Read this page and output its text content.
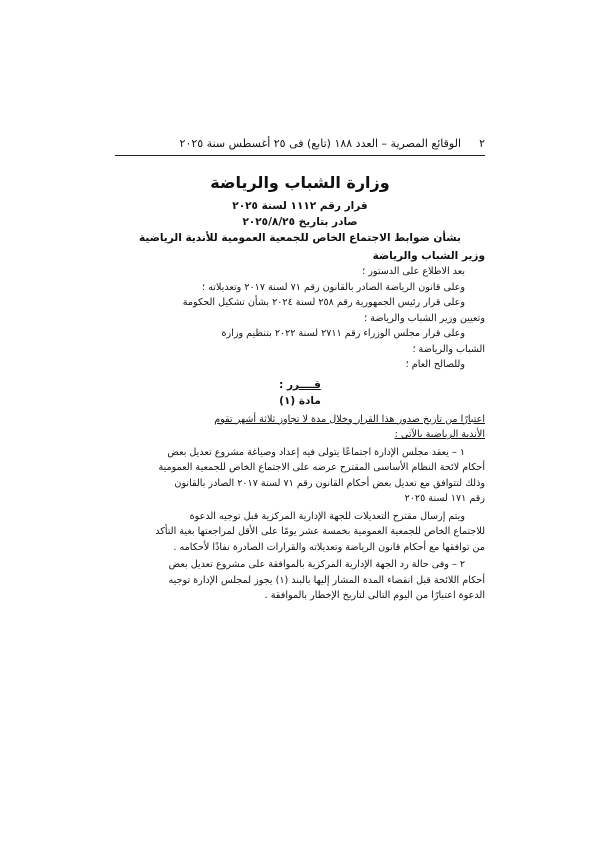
٢
الوقائع المصرية – العدد ١٨٨ (تابع) فى ٢٥ أغسطس سنة ٢٠٢٥
وزارة الشباب والرياضة
قرار رقم ١١١٢ لسنة ٢٠٢٥
صادر بتاريخ ٢٠٢٥/٨/٢٥
بشأن ضوابط الاجتماع الخاص للجمعية العمومية للأندية الرياضية
وزير الشباب والرياضة

بعد الاطلاع على الدستور ؛

وعلى قانون الرياضة الصادر بالقانون رقم ٧١ لسنة ٢٠١٧ وتعديلاته ؛

وعلى قرار رئيس الجمهورية رقم ٢٥٨ لسنة ٢٠٢٤ بشأن تشكيل الحكومة

وتعيين وزير الشباب والرياضة ؛

وعلى قرار مجلس الوزراء رقم ٢٧١١ لسنة ٢٠٢٢ بتنظيم وزارة

الشباب والرياضة ؛

وللصالح العام ؛

قــــرر :
مادة (١)

اعتبارًا من تاريخ صدور هذا القرار وخلال مدة لا تجاوز ثلاثة أشهر تقوم

الأندية الرياضية بالآتى :

١ – يعقد مجلس الإدارة اجتماعًا يتولى فيه إعداد وصياغة مشروع تعديل بعض

أحكام لائحة النظام الأساسى المقترح عرضه على الاجتماع الخاص للجمعية العمومية

وذلك لتتوافق مع تعديل بعض أحكام القانون رقم ٧١ لسنة ٢٠١٧ الصادر بالقانون

رقم ١٧١ لسنة ٢٠٢٥

ويتم إرسال مقترح التعديلات للجهة الإدارية المركزية قبل توجيه الدعوة

للاجتماع الخاص للجمعية العمومية بخمسة عشر يومًا على الأقل لمراجعتها بغية التأكد

من توافقها مع أحكام قانون الرياضة وتعديلاته والقرارات الصادرة نفاذًا لأحكامه .

٢ – وفى حالة رد الجهة الإدارية المركزية بالموافقة على مشروع تعديل بعض

أحكام اللائحة قبل انقضاء المدة المشار إليها بالبند (١) يجوز لمجلس الإدارة توجيه

الدعوة اعتبارًا من اليوم التالى لتاريخ الإخطار بالموافقة .
